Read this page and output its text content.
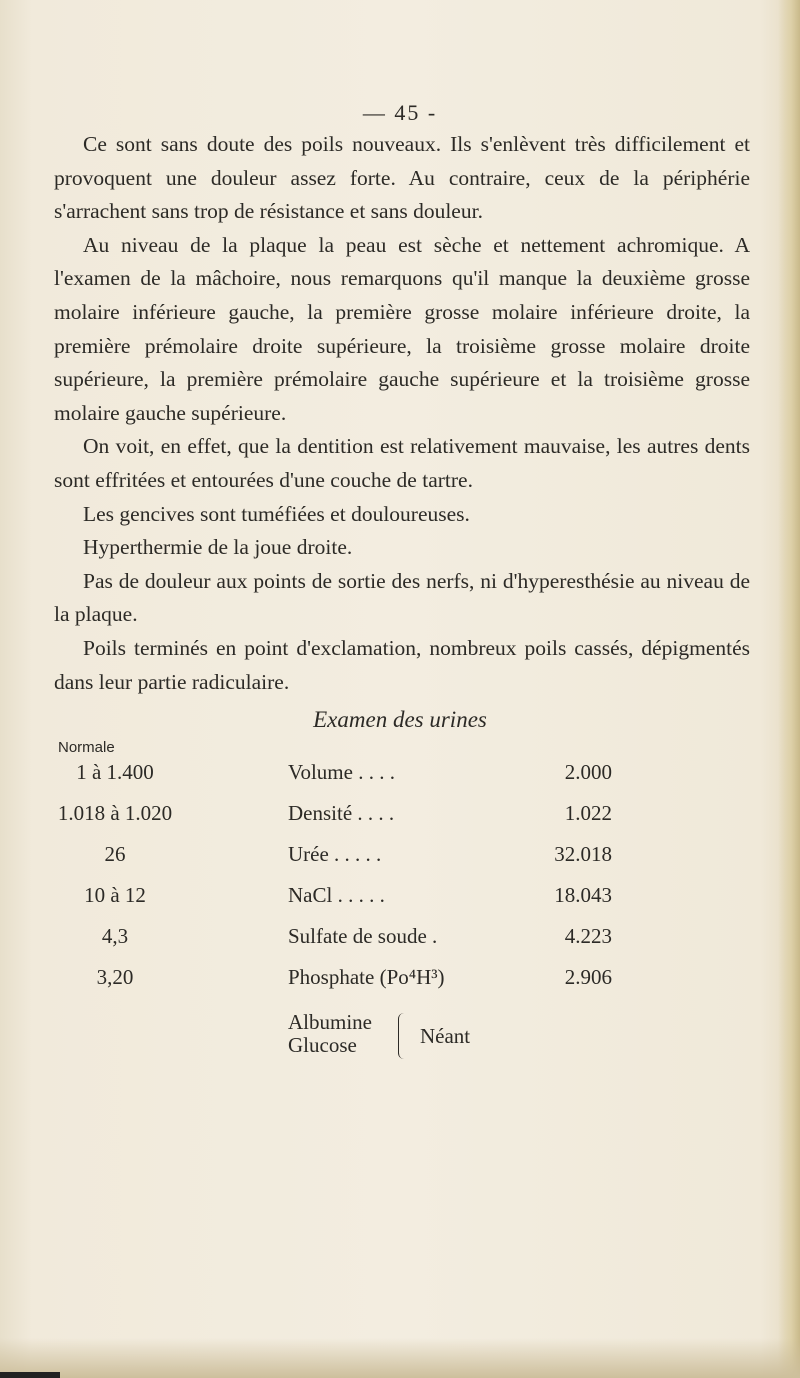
— 45 -

Ce sont sans doute des poils nouveaux. Ils s'enlèvent très difficilement et provoquent une douleur assez forte. Au contraire, ceux de la périphérie s'arrachent sans trop de résistance et sans douleur.

Au niveau de la plaque la peau est sèche et nettement achromique. A l'examen de la mâchoire, nous remarquons qu'il manque la deuxième grosse molaire inférieure gauche, la première grosse molaire inférieure droite, la première prémolaire droite supérieure, la troisième grosse molaire droite supérieure, la première prémolaire gauche supérieure et la troisième grosse molaire gauche supérieure.

On voit, en effet, que la dentition est relativement mauvaise, les autres dents sont effritées et entourées d'une couche de tartre.

Les gencives sont tuméfiées et douloureuses.

Hyperthermie de la joue droite.

Pas de douleur aux points de sortie des nerfs, ni d'hyperesthésie au niveau de la plaque.

Poils terminés en point d'exclamation, nombreux poils cassés, dépigmentés dans leur partie radiculaire.

Examen des urines
Normale
1 à 1.400	Volume . . . .	2.000
1.018 à 1.020	Densité . . . .	1.022
26	Urée . . . . .	32.018
10 à 12	NaCl . . . . .	18.043
4,3	Sulfate de soude .	4.223
3,20	Phosphate (Po⁴H³)	2.906
Albumine
Glucose	Néant
